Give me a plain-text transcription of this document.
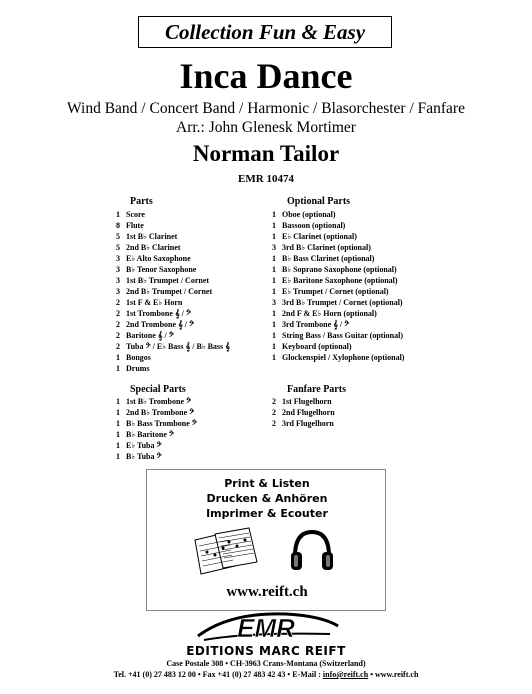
Collection Fun & Easy
Inca Dance
Wind Band / Concert Band / Harmonic / Blasorchester / Fanfare
Arr.: John Glenesk Mortimer
Norman Tailor
EMR 10474
Parts	Optional Parts
Special Parts	Fanfare Parts
1 Score
8 Flute
5 1st B♭ Clarinet
5 2nd B♭ Clarinet
3 E♭ Alto Saxophone
3 B♭ Tenor Saxophone
3 1st B♭ Trumpet / Cornet
3 2nd B♭ Trumpet / Cornet
2 1st F & E♭ Horn
2 1st Trombone 𝄞 / 𝄢
2 2nd Trombone 𝄞 / 𝄢
2 Baritone 𝄞 / 𝄢
2 Tuba 𝄢 / E♭ Bass 𝄞 / B♭ Bass 𝄞
1 Bongos
1 Drums
1 Oboe (optional)
1 Bassoon (optional)
1 E♭ Clarinet (optional)
3 3rd B♭ Clarinet (optional)
1 B♭ Bass Clarinet (optional)
1 B♭ Soprano Saxophone (optional)
1 E♭ Baritone Saxophone (optional)
1 E♭ Trumpet / Cornet (optional)
3 3rd B♭ Trumpet / Cornet (optional)
1 2nd F & E♭ Horn (optional)
1 3rd Trombone 𝄞 / 𝄢
1 String Bass / Bass Guitar (optional)
1 Keyboard (optional)
1 Glockenspiel / Xylophone (optional)
1 1st B♭ Trombone 𝄢
1 2nd B♭ Trombone 𝄢
1 B♭ Bass Trombone 𝄢
1 B♭ Baritone 𝄢
1 E♭ Tuba 𝄢
1 B♭ Tuba 𝄢
2 1st Flugelhorn
2 2nd Flugelhorn
2 3rd Flugelhorn
Print & Listen
Drucken & Anhören
Imprimer & Ecouter
www.reift.ch
EMR
EDITIONS MARC REIFT
Case Postale 308 • CH-3963 Crans-Montana (Switzerland)
Tel. +41 (0) 27 483 12 00 • Fax +41 (0) 27 483 42 43 • E-Mail : info@reift.ch • www.reift.ch
